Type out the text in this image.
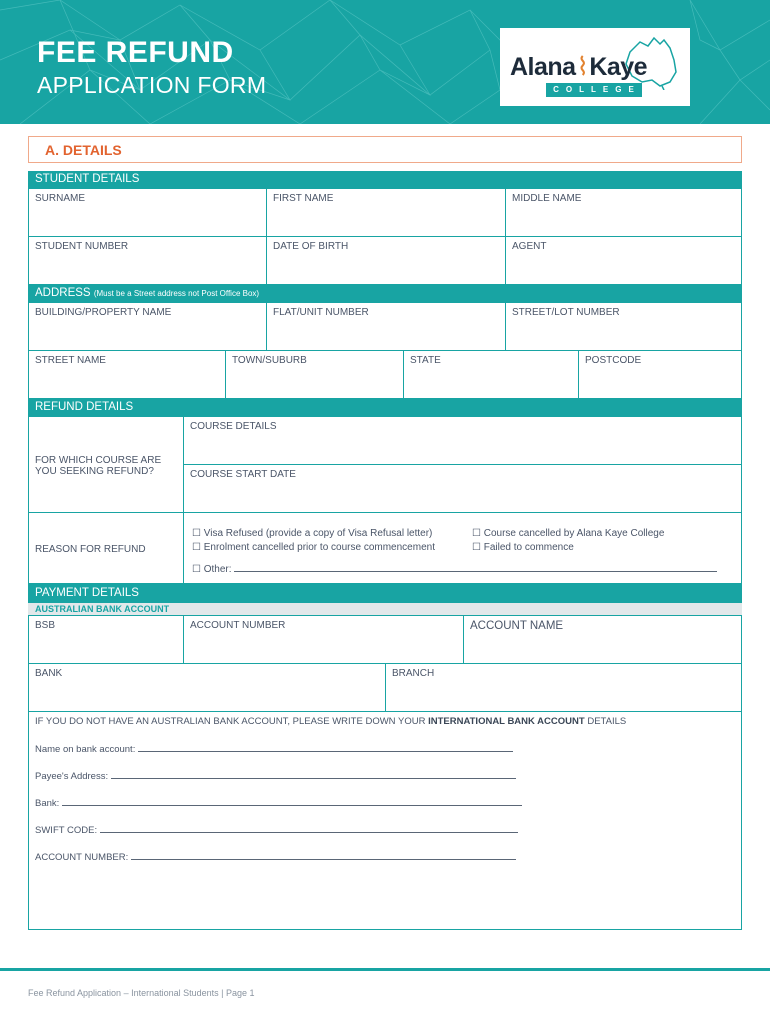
FEE REFUND
APPLICATION FORM
Alana⌇Kaye
COLLEGE
A. DETAILS
STUDENT DETAILS
SURNAME	FIRST NAME	MIDDLE NAME
STUDENT NUMBER	DATE OF BIRTH	AGENT
ADDRESS (Must be a Street address not Post Office Box)
BUILDING/PROPERTY NAME	FLAT/UNIT NUMBER	STREET/LOT NUMBER
STREET NAME	TOWN/SUBURB	STATE	POSTCODE
REFUND DETAILS
FOR WHICH COURSE ARE
YOU SEEKING REFUND?
COURSE DETAILS
COURSE START DATE
REASON FOR REFUND
☐ Visa Refused (provide a copy of Visa Refusal letter)
☐ Enrolment cancelled prior to course commencement
☐ Course cancelled by Alana Kaye College
☐ Failed to commence
☐ Other:
PAYMENT DETAILS
AUSTRALIAN BANK ACCOUNT
BSB	ACCOUNT NUMBER	ACCOUNT NAME
BANK	BRANCH
IF YOU DO NOT HAVE AN AUSTRALIAN BANK ACCOUNT, PLEASE WRITE DOWN YOUR INTERNATIONAL BANK ACCOUNT DETAILS
Name on bank account:
Payee's Address:
Bank:
SWIFT CODE:
ACCOUNT NUMBER:
Fee Refund Application – International Students | Page 1
